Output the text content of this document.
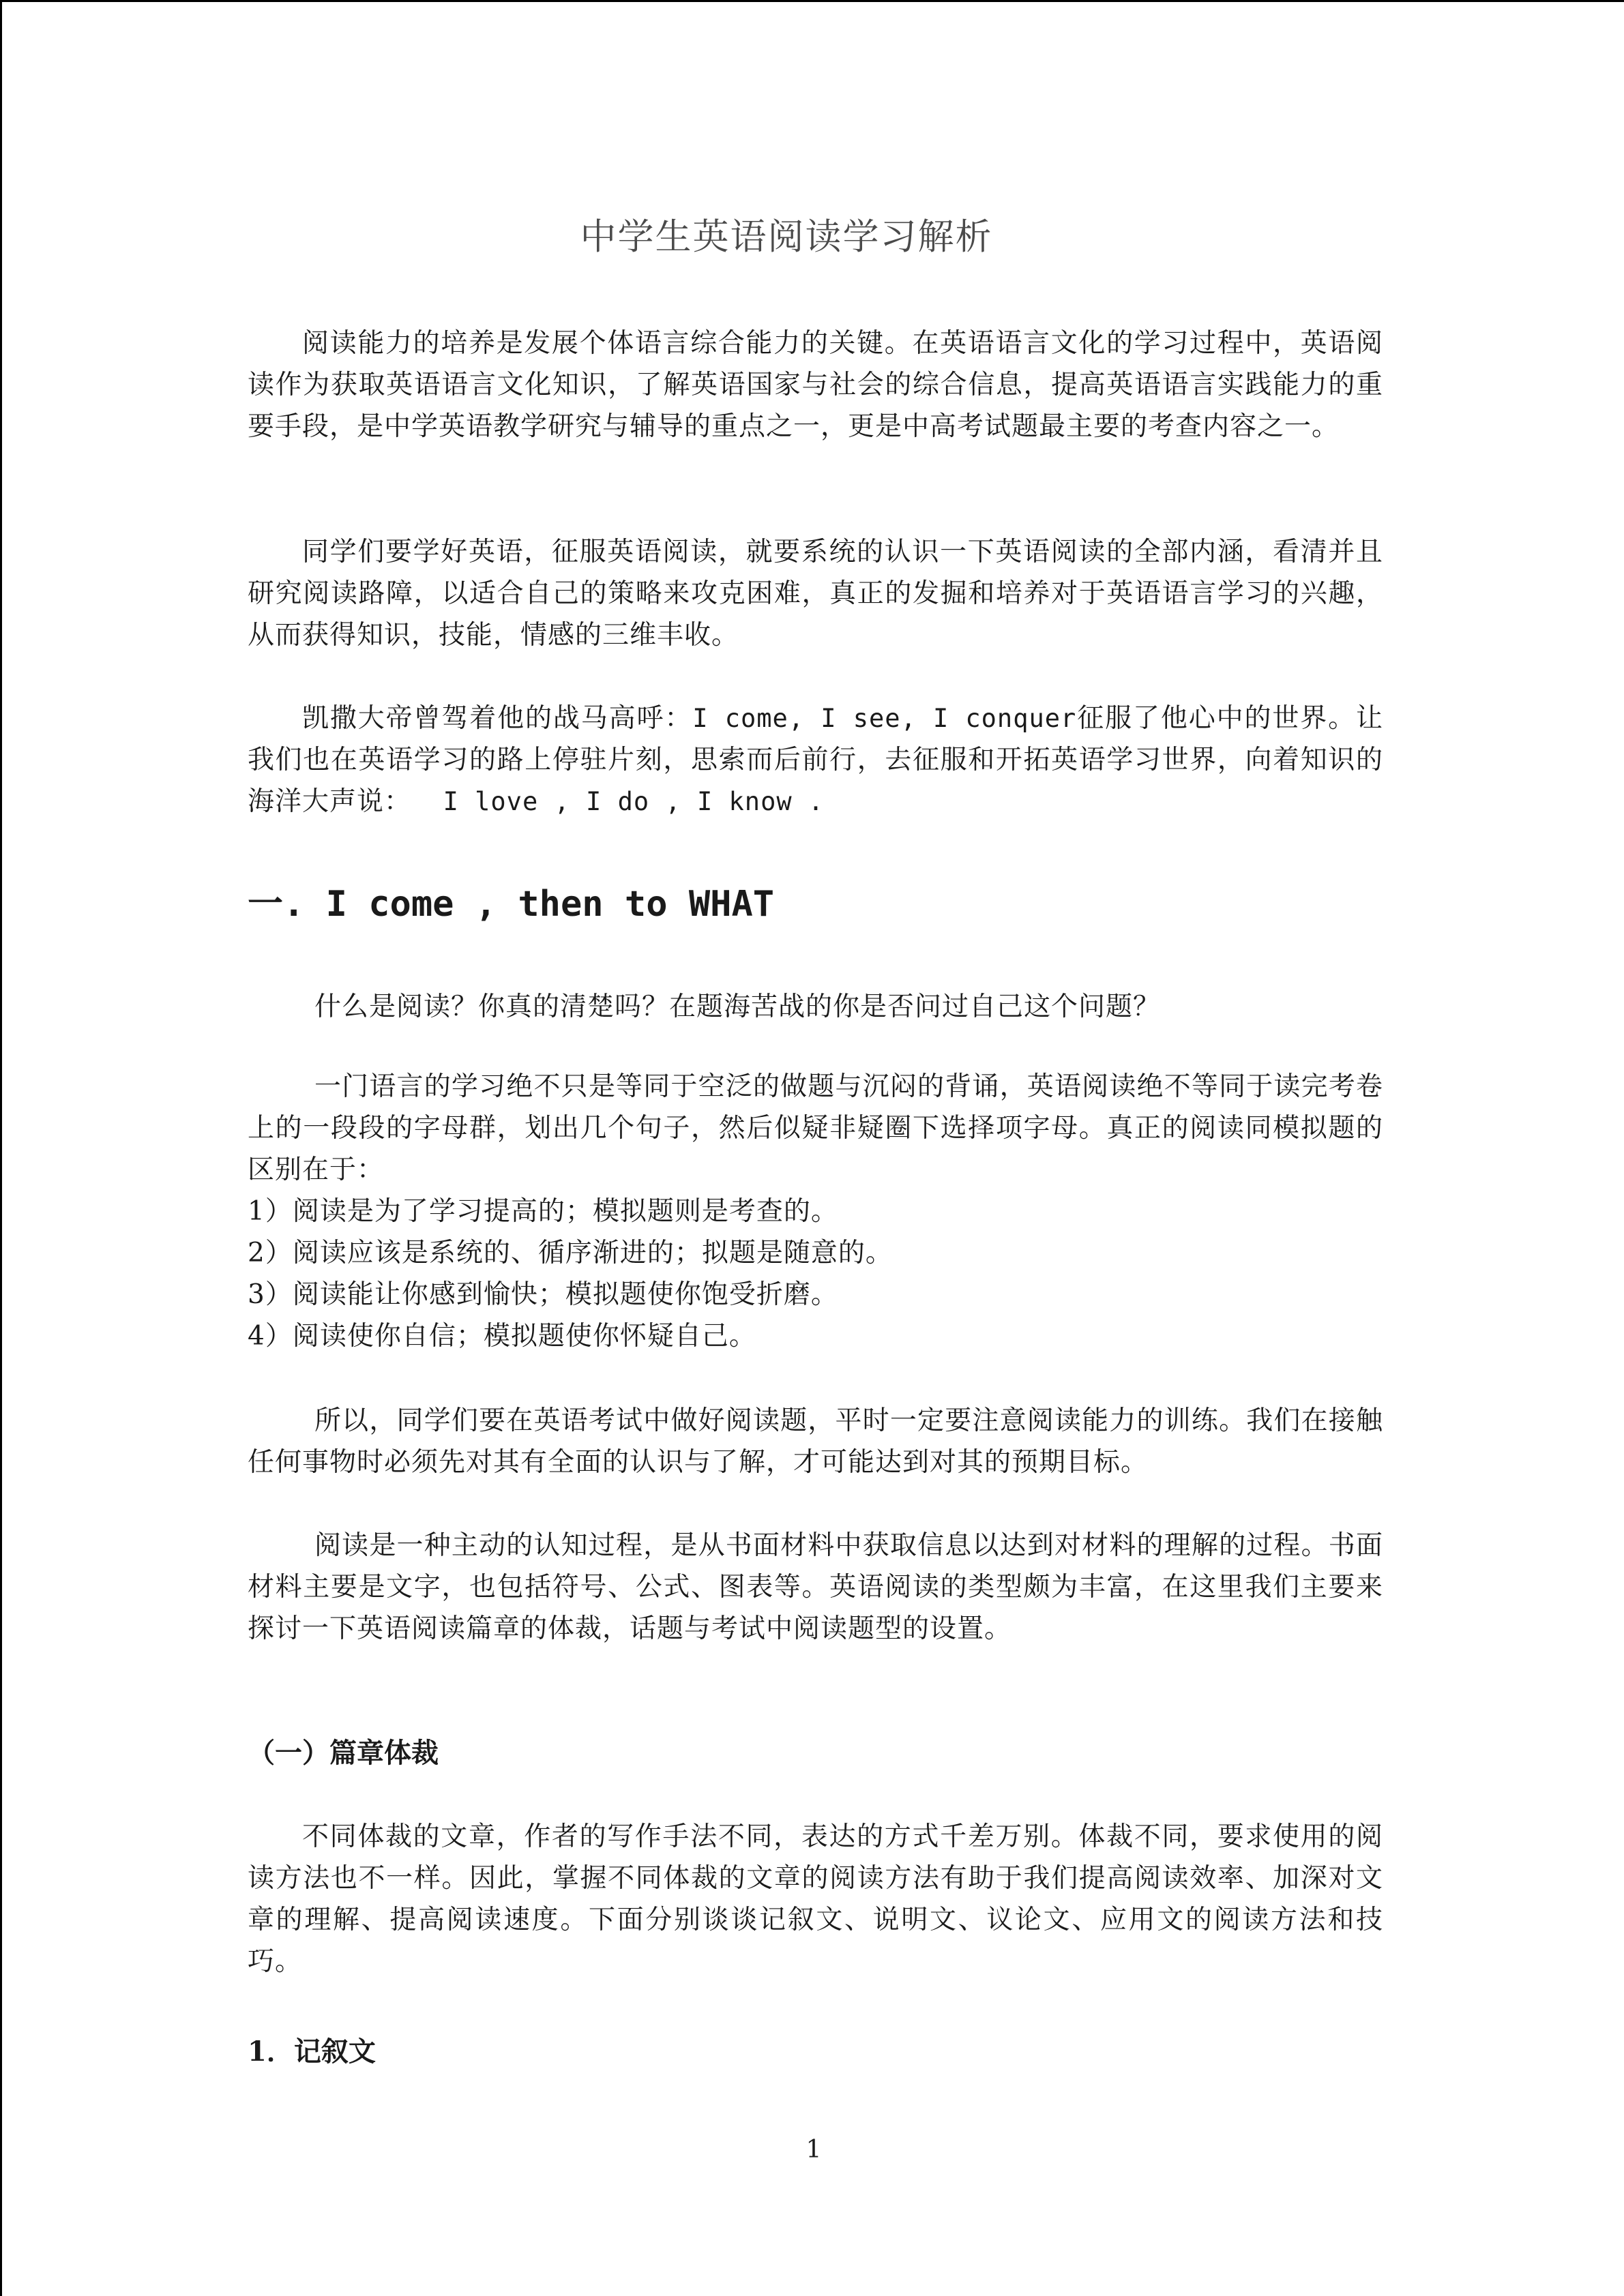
中学生英语阅读学习解析

阅读能力的培养是发展个体语言综合能力的关键。在英语语言文化的学习过程中，英语阅读作为获取英语语言文化知识，了解英语国家与社会的综合信息，提高英语语言实践能力的重要手段，是中学英语教学研究与辅导的重点之一，更是中高考试题最主要的考查内容之一。

同学们要学好英语，征服英语阅读，就要系统的认识一下英语阅读的全部内涵，看清并且研究阅读路障，以适合自己的策略来攻克困难，真正的发掘和培养对于英语语言学习的兴趣，从而获得知识，技能，情感的三维丰收。

凯撒大帝曾驾着他的战马高呼：I come, I see, I conquer征服了他心中的世界。让我们也在英语学习的路上停驻片刻，思索而后前行，去征服和开拓英语学习世界，向着知识的海洋大声说：  I love , I do , I know .

一. I come , then to WHAT

什么是阅读？你真的清楚吗？在题海苦战的你是否问过自己这个问题？

一门语言的学习绝不只是等同于空泛的做题与沉闷的背诵，英语阅读绝不等同于读完考卷上的一段段的字母群，划出几个句子，然后似疑非疑圈下选择项字母。真正的阅读同模拟题的区别在于：

1）阅读是为了学习提高的；模拟题则是考查的。

2）阅读应该是系统的、循序渐进的；拟题是随意的。

3）阅读能让你感到愉快；模拟题使你饱受折磨。

4）阅读使你自信；模拟题使你怀疑自己。

所以，同学们要在英语考试中做好阅读题，平时一定要注意阅读能力的训练。我们在接触任何事物时必须先对其有全面的认识与了解，才可能达到对其的预期目标。

阅读是一种主动的认知过程，是从书面材料中获取信息以达到对材料的理解的过程。书面材料主要是文字，也包括符号、公式、图表等。英语阅读的类型颇为丰富，在这里我们主要来探讨一下英语阅读篇章的体裁，话题与考试中阅读题型的设置。

（一）篇章体裁

不同体裁的文章，作者的写作手法不同，表达的方式千差万别。体裁不同，要求使用的阅读方法也不一样。因此，掌握不同体裁的文章的阅读方法有助于我们提高阅读效率、加深对文章的理解、提高阅读速度。下面分别谈谈记叙文、说明文、议论文、应用文的阅读方法和技巧。

1．记叙文
1
